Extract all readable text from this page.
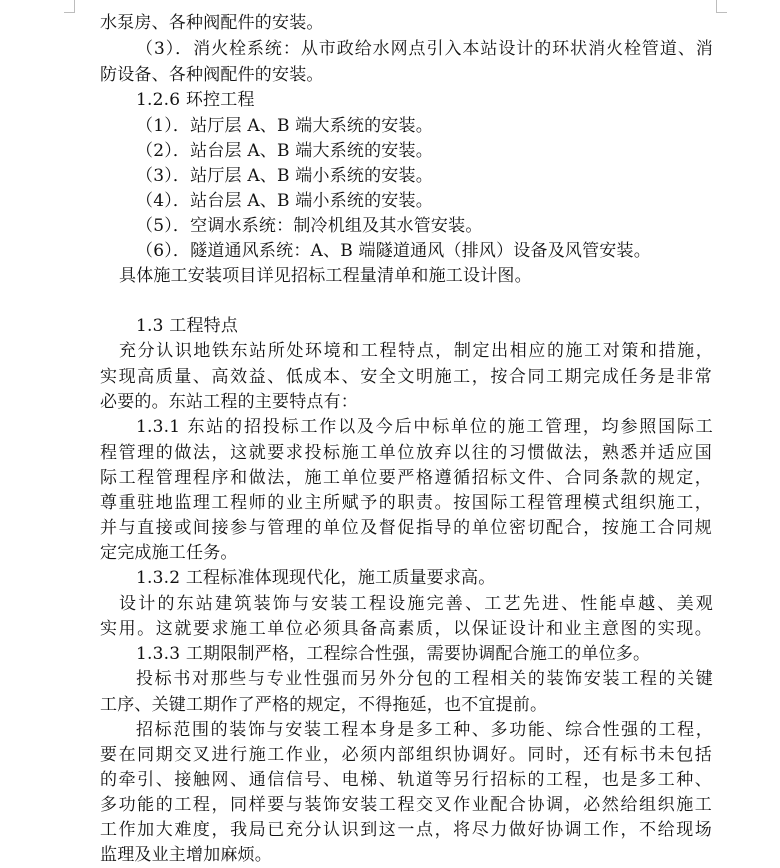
水泵房、各种阀配件的安装。
（3）．消火栓系统：从市政给水网点引入本站设计的环状消火栓管道、消
防设备、各种阀配件的安装。
1.2.6 环控工程
（1）．站厅层 A、B 端大系统的安装。
（2）．站台层 A、B 端大系统的安装。
（3）．站厅层 A、B 端小系统的安装。
（4）．站台层 A、B 端小系统的安装。
（5）．空调水系统：制冷机组及其水管安装。
（6）．隧道通风系统：A、B 端隧道通风（排风）设备及风管安装。
具体施工安装项目详见招标工程量清单和施工设计图。
1.3 工程特点
充分认识地铁东站所处环境和工程特点，制定出相应的施工对策和措施，
实现高质量、高效益、低成本、安全文明施工，按合同工期完成任务是非常
必要的。东站工程的主要特点有：
1.3.1 东站的招投标工作以及今后中标单位的施工管理，均参照国际工
程管理的做法，这就要求投标施工单位放弃以往的习惯做法，熟悉并适应国
际工程管理程序和做法，施工单位要严格遵循招标文件、合同条款的规定，
尊重驻地监理工程师的业主所赋予的职责。按国际工程管理模式组织施工，
并与直接或间接参与管理的单位及督促指导的单位密切配合，按施工合同规
定完成施工任务。
1.3.2 工程标准体现现代化，施工质量要求高。
设计的东站建筑装饰与安装工程设施完善、工艺先进、性能卓越、美观
实用。这就要求施工单位必须具备高素质，以保证设计和业主意图的实现。
1.3.3 工期限制严格，工程综合性强，需要协调配合施工的单位多。
投标书对那些与专业性强而另外分包的工程相关的装饰安装工程的关键
工序、关键工期作了严格的规定，不得拖延，也不宜提前。
招标范围的装饰与安装工程本身是多工种、多功能、综合性强的工程，
要在同期交叉进行施工作业，必须内部组织协调好。同时，还有标书未包括
的牵引、接触网、通信信号、电梯、轨道等另行招标的工程，也是多工种、
多功能的工程，同样要与装饰安装工程交叉作业配合协调，必然给组织施工
工作加大难度，我局已充分认识到这一点，将尽力做好协调工作，不给现场
监理及业主增加麻烦。
